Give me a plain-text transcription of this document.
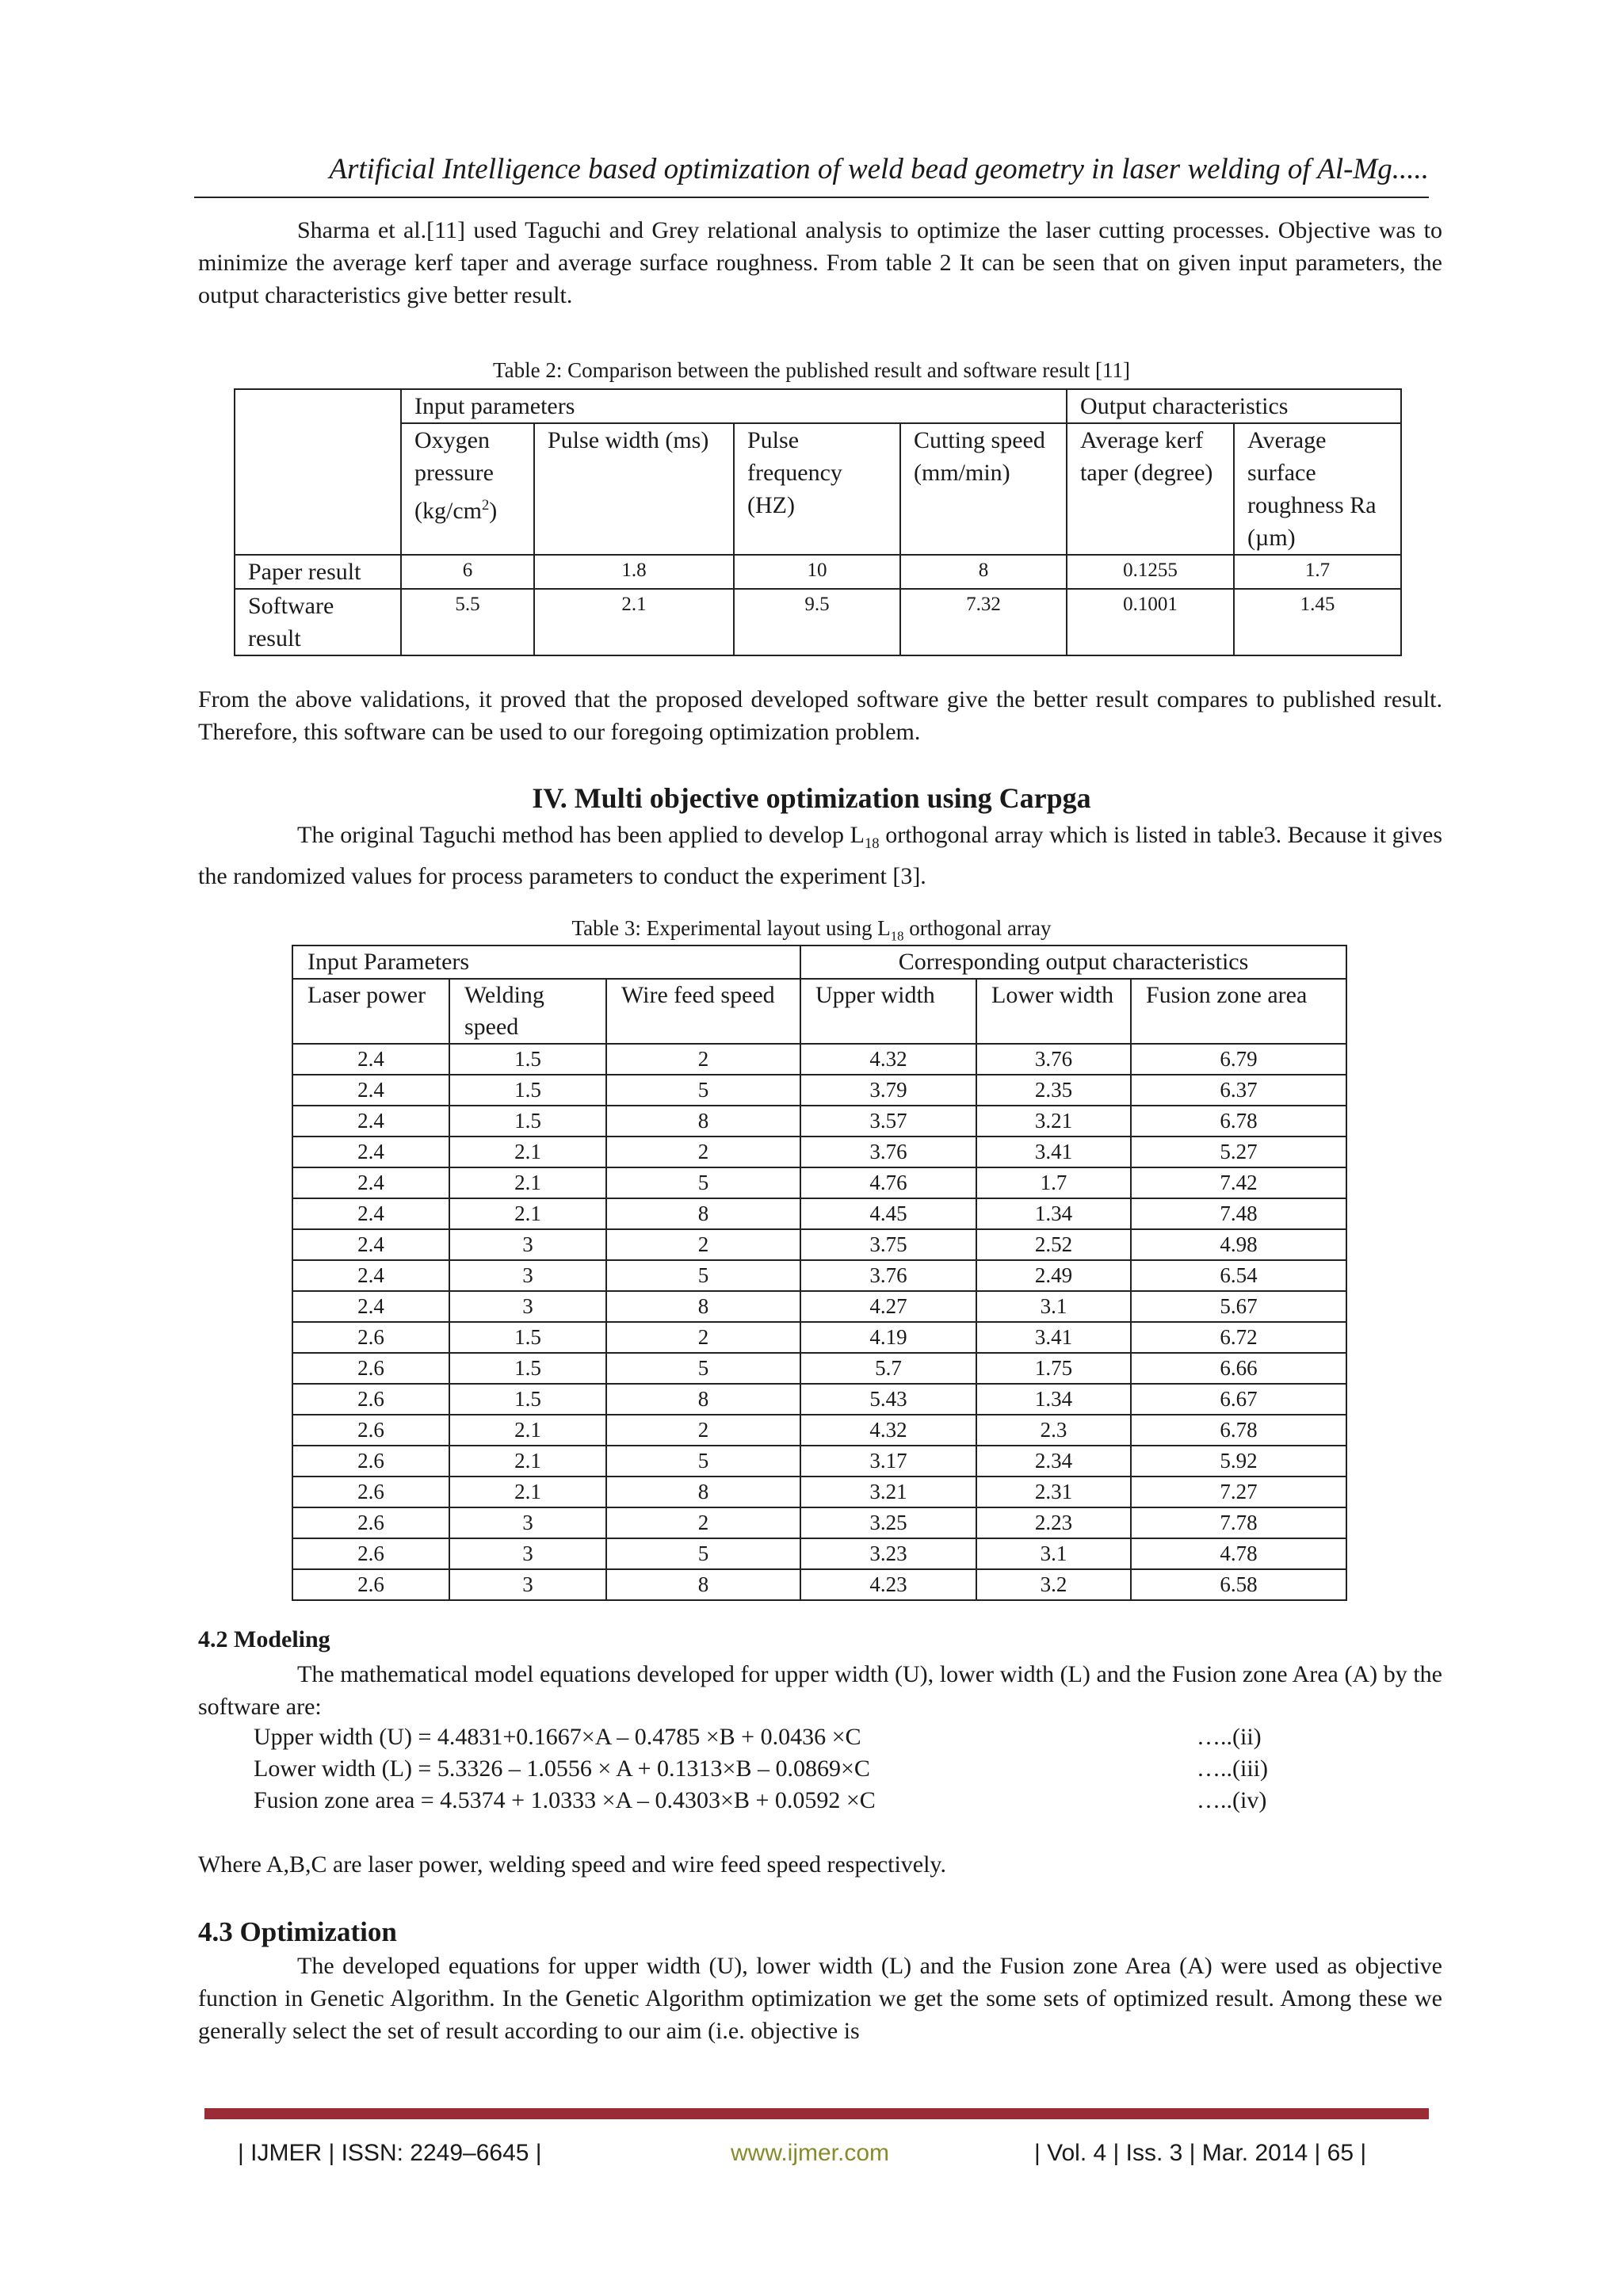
Artificial Intelligence based optimization of weld bead geometry in laser welding of Al-Mg.....

Sharma et al.[11] used Taguchi and Grey relational analysis to optimize the laser cutting processes. Objective was to minimize the average kerf taper and average surface roughness. From table 2 It can be seen that on given input parameters, the output characteristics give better result.

Table 2: Comparison between the published result and software result [11]
	Input parameters				Output characteristics	
	Oxygen pressure $(kg/cm^2)$	Pulse width (ms)	Pulse frequency (HZ)	Cutting speed (mm/min)	Average kerf taper (degree)	Average surface roughness Ra (µm)
Paper result	6	1.8	10	8	0.1255	1.7
Software result	5.5	2.1	9.5	7.32	0.1001	1.45

From the above validations, it proved that the proposed developed software give the better result compares to published result. Therefore, this software can be used to our foregoing optimization problem.

IV. Multi objective optimization using Carpga

The original Taguchi method has been applied to develop $L_{18}$ orthogonal array which is listed in table3. Because it gives the randomized values for process parameters to conduct the experiment [3].

Table 3: Experimental layout using $L_{18}$ orthogonal array
Input Parameters			Corresponding output characteristics		
Laser power	Welding speed	Wire feed speed	Upper width	Lower width	Fusion zone area
2.4	1.5	2	4.32	3.76	6.79
2.4	1.5	5	3.79	2.35	6.37
2.4	1.5	8	3.57	3.21	6.78
2.4	2.1	2	3.76	3.41	5.27
2.4	2.1	5	4.76	1.7	7.42
2.4	2.1	8	4.45	1.34	7.48
2.4	3	2	3.75	2.52	4.98
2.4	3	5	3.76	2.49	6.54
2.4	3	8	4.27	3.1	5.67
2.6	1.5	2	4.19	3.41	6.72
2.6	1.5	5	5.7	1.75	6.66
2.6	1.5	8	5.43	1.34	6.67
2.6	2.1	2	4.32	2.3	6.78
2.6	2.1	5	3.17	2.34	5.92
2.6	2.1	8	3.21	2.31	7.27
2.6	3	2	3.25	2.23	7.78
2.6	3	5	3.23	3.1	4.78
2.6	3	8	4.23	3.2	6.58
4.2 Modeling

The mathematical model equations developed for upper width (U), lower width (L) and the Fusion zone Area (A) by the software are:

Upper width (U) = 4.4831+0.1667×A – 0.4785 ×B + 0.0436 ×C	…..(ii)
Lower width (L) = 5.3326 – 1.0556 × A + 0.1313×B – 0.0869×C	…..(iii)
Fusion zone area = 4.5374 + 1.0333 ×A – 0.4303×B + 0.0592 ×C	…..(iv)

Where A,B,C are laser power, welding speed and wire feed speed respectively.

4.3 Optimization

The developed equations for upper width (U), lower width (L) and the Fusion zone Area (A) were used as objective function in Genetic Algorithm. In the Genetic Algorithm optimization we get the some sets of optimized result. Among these we generally select the set of result according to our aim (i.e. objective is

| IJMER | ISSN: 2249–6645 |	www.ijmer.com	| Vol. 4 | Iss. 3 | Mar. 2014 | 65 |
